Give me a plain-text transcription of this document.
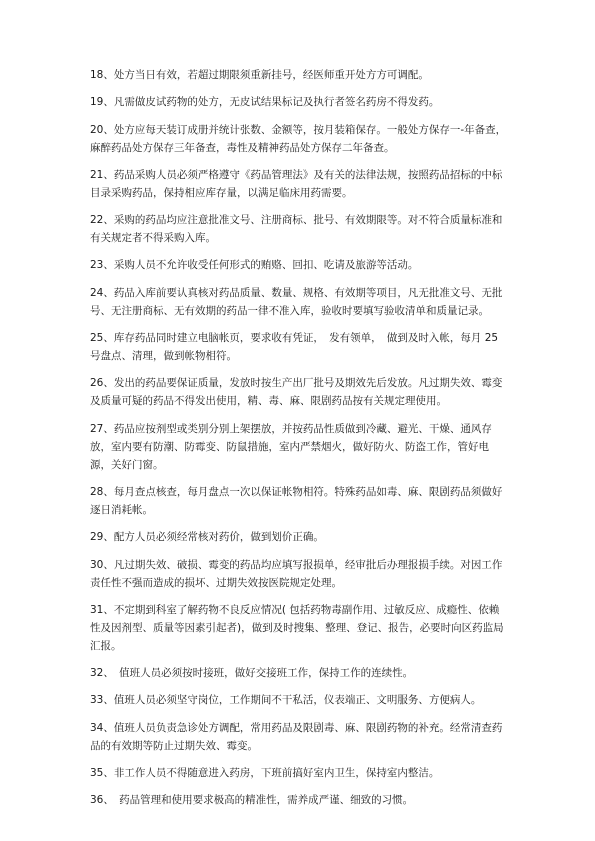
18、处方当日有效，若超过期限须重新挂号，经医师重开处方方可调配。

19、凡需做皮试药物的处方，无皮试结果标记及执行者签名药房不得发药。

20、处方应每天装订成册并统计张数、金额等，按月装箱保存。一般处方保存一-年备查，　麻醉药品处方保存三年备查，毒性及精神药品处方保存二年备查。

21、药品采购人员必须严格遵守《药品管理法》及有关的法律法规，按照药品招标的中标目录采购药品，保持相应库存量，以满足临床用药需要。

22、采购的药品均应注意批准文号、注册商标、批号、有效期限等。对不符合质量标准和有关规定者不得采购入库。

23、采购人员不允许收受任何形式的贿赂、回扣、吃请及旅游等活动。

24、药品入库前要认真核对药品质量、数量、规格、有效期等项目，凡无批准文号、无批号、无注册商标、无有效期的药品一律不准入库，验收时要填写验收清单和质量记录。

25、库存药品同时建立电脑帐页，要求收有凭证，　发有领单，　做到及时入帐，每月 25 号盘点、清理，做到帐物相符。

26、发出的药品要保证质量，发放时按生产出厂批号及期效先后发放。凡过期失效、霉变及质量可疑的药品不得发出使用，精、毒、麻、限剧药品按有关规定理使用。

27、药品应按剂型或类别分别上架摆放，并按药品性质做到冷藏、避光、干燥、通风存放，室内要有防潮、防霉变、防鼠措施，室内严禁烟火，做好防火、防盗工作，管好电源，关好门窗。

28、每月查点核查，每月盘点一次以保证帐物相符。特殊药品如毒、麻、限剧药品须做好逐日消耗帐。

29、配方人员必须经常核对药价，做到划价正确。

30、凡过期失效、破损、霉变的药品均应填写报损单，经审批后办理报损手续。对因工作责任性不强而造成的损坏、过期失效按医院规定处理。

31、不定期到科室了解药物不良反应情况( 包括药物毒副作用、过敏反应、成瘾性、依赖性及因剂型、质量等因素引起者)，做到及时搜集、整理、登记、报告，必要时向区药监局汇报。

32、　值班人员必须按时接班，做好交接班工作，保持工作的连续性。

33、值班人员必须坚守岗位，工作期间不干私活，仪表端正、文明服务、方便病人。

34、值班人员负责急诊处方调配，常用药品及限剧毒、麻、限剧药物的补充。经常清查药品的有效期等防止过期失效、霉变。

35、非工作人员不得随意进入药房，下班前搞好室内卫生，保持室内整洁。

36、　药品管理和使用要求极高的精准性，需养成严谨、细致的习惯。
